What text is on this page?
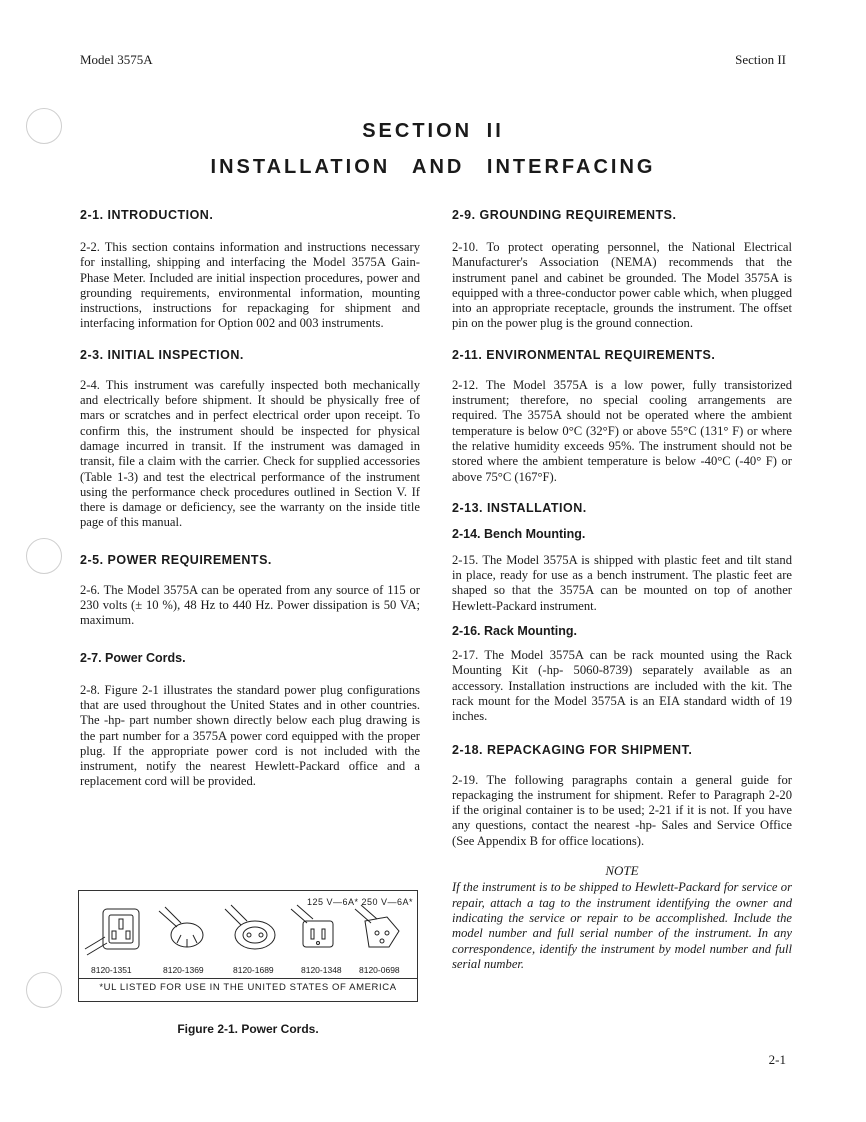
Model 3575A	Section II
SECTION II
INSTALLATION AND INTERFACING

2-1. INTRODUCTION.

2-2. This section contains information and instructions necessary for installing, shipping and interfacing the Model 3575A Gain-Phase Meter. Included are initial inspection procedures, power and grounding requirements, environmental information, mounting instructions, instructions for repackaging for shipment and interfacing information for Option 002 and 003 instruments.

2-3. INITIAL INSPECTION.

2-4. This instrument was carefully inspected both mechanically and electrically before shipment. It should be physically free of mars or scratches and in perfect electrical order upon receipt. To confirm this, the instrument should be inspected for physical damage incurred in transit. If the instrument was damaged in transit, file a claim with the carrier. Check for supplied accessories (Table 1-3) and test the electrical performance of the instrument using the performance check procedures outlined in Section V. If there is damage or deficiency, see the warranty on the inside title page of this manual.

2-5. POWER REQUIREMENTS.

2-6. The Model 3575A can be operated from any source of 115 or 230 volts (± 10 %), 48 Hz to 440 Hz. Power dissipation is 50 VA; maximum.

2-7. Power Cords.

2-8. Figure 2-1 illustrates the standard power plug configurations that are used throughout the United States and in other countries. The -hp- part number shown directly below each plug drawing is the part number for a 3575A power cord equipped with the proper plug. If the appropriate power cord is not included with the instrument, notify the nearest Hewlett-Packard office and a replacement cord will be provided.

125 V—6A* 250 V—6A*
8120-1351	8120-1369	8120-1689	8120-1348 8120-0698
*UL LISTED FOR USE IN THE UNITED STATES OF AMERICA
Figure 2-1. Power Cords.

2-9. GROUNDING REQUIREMENTS.

2-10. To protect operating personnel, the National Electrical Manufacturer's Association (NEMA) recommends that the instrument panel and cabinet be grounded. The Model 3575A is equipped with a three-conductor power cable which, when plugged into an appropriate receptacle, grounds the instrument. The offset pin on the power plug is the ground connection.

2-11. ENVIRONMENTAL REQUIREMENTS.

2-12. The Model 3575A is a low power, fully transistorized instrument; therefore, no special cooling arrangements are required. The 3575A should not be operated where the ambient temperature is below 0°C (32°F) or above 55°C (131° F) or where the relative humidity exceeds 95%. The instrument should not be stored where the ambient temperature is below -40°C (-40° F) or above 75°C (167°F).

2-13. INSTALLATION.

2-14. Bench Mounting.

2-15. The Model 3575A is shipped with plastic feet and tilt stand in place, ready for use as a bench instrument. The plastic feet are shaped so that the 3575A can be mounted on top of another Hewlett-Packard instrument.

2-16. Rack Mounting.

2-17. The Model 3575A can be rack mounted using the Rack Mounting Kit (-hp- 5060-8739) separately available as an accessory. Installation instructions are included with the kit. The rack mount for the Model 3575A is an EIA standard width of 19 inches.

2-18. REPACKAGING FOR SHIPMENT.

2-19. The following paragraphs contain a general guide for repackaging the instrument for shipment. Refer to Paragraph 2-20 if the original container is to be used; 2-21 if it is not. If you have any questions, contact the nearest -hp- Sales and Service Office (See Appendix B for office locations).

NOTE

If the instrument is to be shipped to Hewlett-Packard for service or repair, attach a tag to the instrument identifying the owner and indicating the service or repair to be accomplished. Include the model number and full serial number of the instrument. In any correspondence, identify the instrument by model number and full serial number.

2-1
